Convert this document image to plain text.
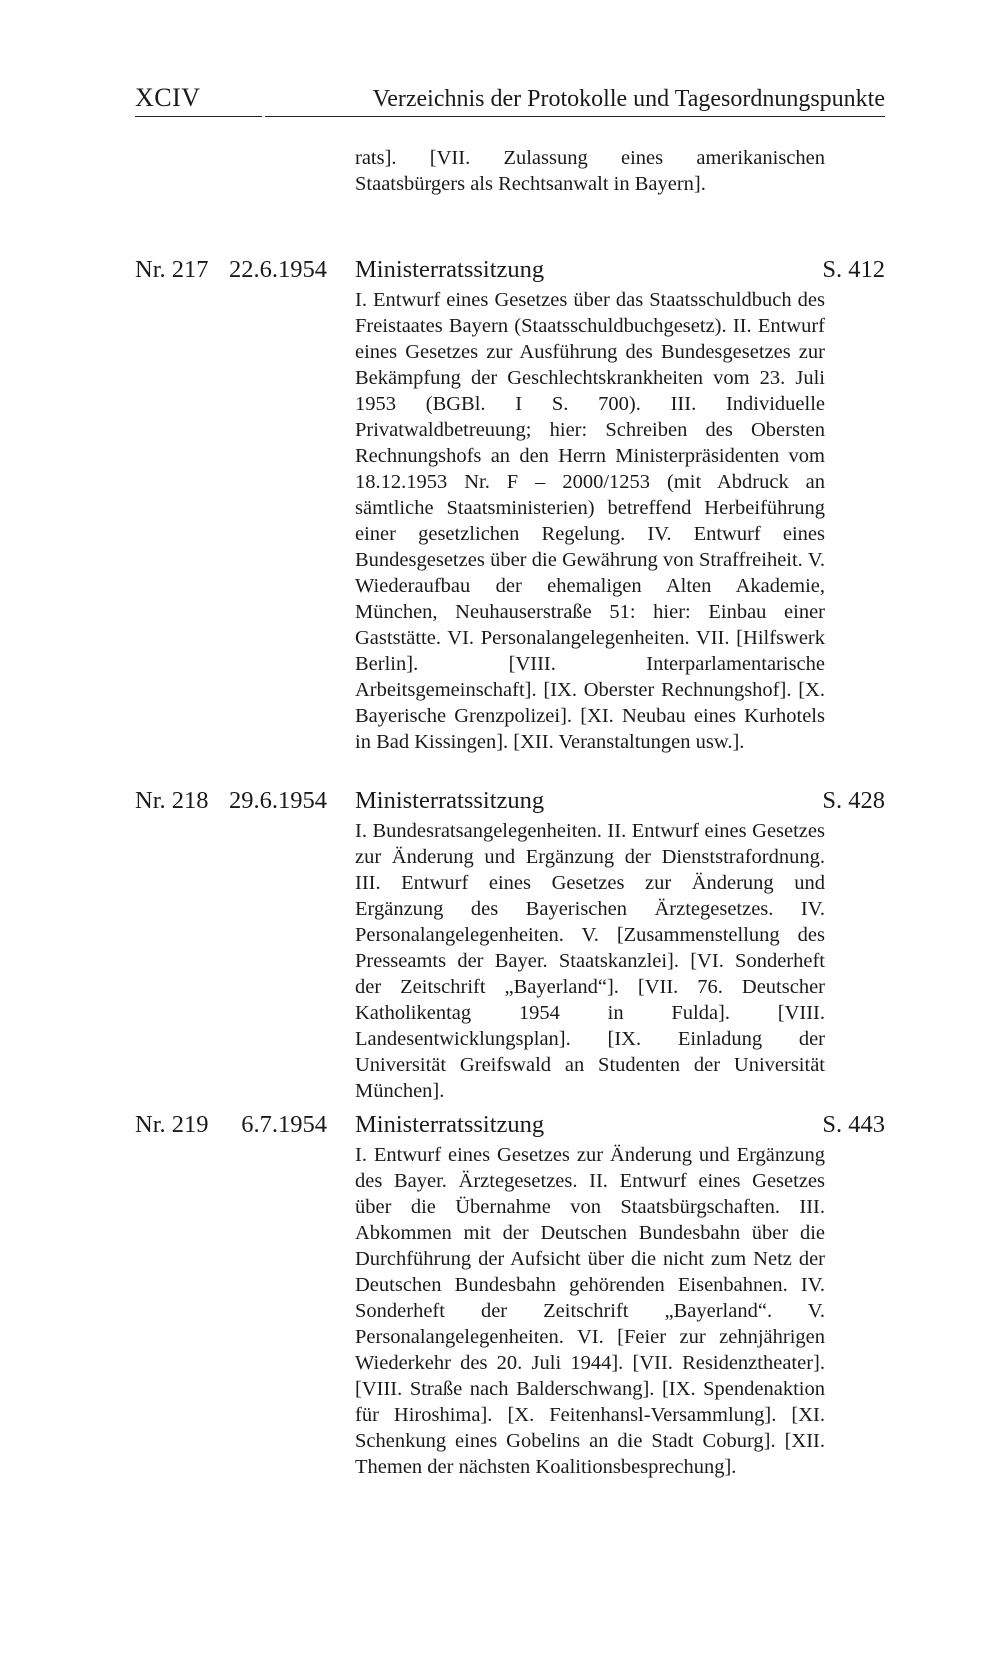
XCIV	Verzeichnis der Protokolle und Tagesordnungspunkte
rats]. [VII. Zulassung eines amerikanischen Staatsbürgers als Rechtsanwalt in Bayern].
Nr. 217 22.6.1954 Ministerratssitzung	S. 412
I. Entwurf eines Gesetzes über das Staatsschuldbuch des Freistaates Bayern (Staatsschuldbuchgesetz). II. Entwurf eines Gesetzes zur Ausführung des Bundesgesetzes zur Bekämpfung der Geschlechtskrankheiten vom 23. Juli 1953 (BGBl. I S. 700). III. Individuelle Privatwaldbetreuung; hier: Schreiben des Obersten Rechnungshofs an den Herrn Ministerpräsidenten vom 18.12.1953 Nr. F – 2000/1253 (mit Abdruck an sämtliche Staatsministerien) betreffend Herbeiführung einer gesetzlichen Regelung. IV. Entwurf eines Bundesgesetzes über die Gewährung von Straffreiheit. V. Wiederaufbau der ehemaligen Alten Akademie, München, Neuhauserstraße 51: hier: Einbau einer Gaststätte. VI. Personalangelegenheiten. VII. [Hilfswerk Berlin]. [VIII. Interparlamentarische Arbeitsgemeinschaft]. [IX. Oberster Rechnungshof]. [X. Bayerische Grenzpolizei]. [XI. Neubau eines Kurhotels in Bad Kissingen]. [XII. Veranstaltungen usw.].
Nr. 218 29.6.1954 Ministerratssitzung	S. 428
I. Bundesratsangelegenheiten. II. Entwurf eines Gesetzes zur Änderung und Ergänzung der Dienststrafordnung. III. Entwurf eines Gesetzes zur Änderung und Ergänzung des Bayerischen Ärztegesetzes. IV. Personalangelegenheiten. V. [Zusammenstellung des Presseamts der Bayer. Staatskanzlei]. [VI. Sonderheft der Zeitschrift „Bayerland“]. [VII. 76. Deutscher Katholikentag 1954 in Fulda]. [VIII. Landesentwicklungsplan]. [IX. Einladung der Universität Greifswald an Studenten der Universität München].
Nr. 219 6.7.1954 Ministerratssitzung	S. 443
I. Entwurf eines Gesetzes zur Änderung und Ergänzung des Bayer. Ärztegesetzes. II. Entwurf eines Gesetzes über die Übernahme von Staatsbürgschaften. III. Abkommen mit der Deutschen Bundesbahn über die Durchführung der Aufsicht über die nicht zum Netz der Deutschen Bundesbahn gehörenden Eisenbahnen. IV. Sonderheft der Zeitschrift „Bayerland“. V. Personalangelegenheiten. VI. [Feier zur zehnjährigen Wiederkehr des 20. Juli 1944]. [VII. Residenztheater]. [VIII. Straße nach Balderschwang]. [IX. Spendenaktion für Hiroshima]. [X. Feitenhansl-Versammlung]. [XI. Schenkung eines Gobelins an die Stadt Coburg]. [XII. Themen der nächsten Koalitionsbesprechung].
